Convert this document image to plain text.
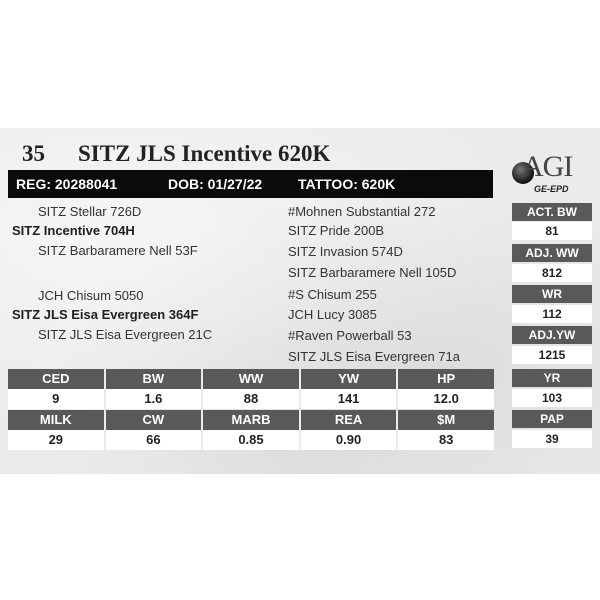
35 SITZ JLS Incentive 620K	AGI
GE-EPD
REG: 20288041	DOB: 01/27/22	TATTOO: 620K
SITZ Stellar 726D
SITZ Incentive 704H
SITZ Barbaramere Nell 53F
JCH Chisum 5050
SITZ JLS Eisa Evergreen 364F
SITZ JLS Eisa Evergreen 21C
#Mohnen Substantial 272
SITZ Pride 200B
SITZ Invasion 574D
SITZ Barbaramere Nell 105D
#S Chisum 255
JCH Lucy 3085
#Raven Powerball 53
SITZ JLS Eisa Evergreen 71a
ACT. BW
81
ADJ. WW
812
WR
112
ADJ.YW
1215
YR
103
PAP
39
CED	BW	WW	YW	HP
9	1.6	88	141	12.0
MILK	CW	MARB	REA	$M
29	66	0.85	0.90	83
